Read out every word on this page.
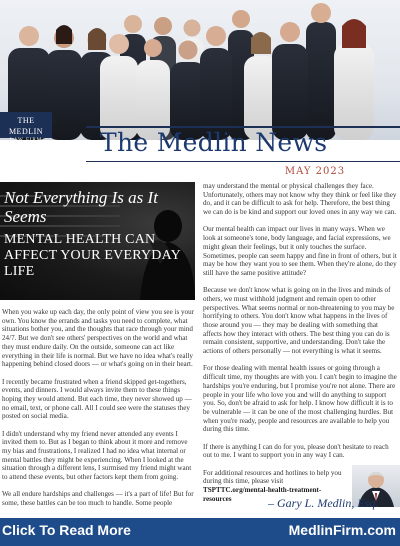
THE MEDLIN
LAW FIRM	The Medlin News
MAY 2023
Not Everything Is as It Seems
MENTAL HEALTH CAN AFFECT YOUR EVERYDAY LIFE

When you wake up each day, the only point of view you see is your own. You know the errands and tasks you need to complete, what situations bother you, and the thoughts that race through your mind 24/7. But we don't see others' perspectives on the world and what they must endure daily. On the outside, someone can act like everything in their life is normal. But we have no idea what's really happening behind closed doors — or what's going on in their heart.

I recently became frustrated when a friend skipped get-togethers, events, and dinners. I would always invite them to these things hoping they would attend. But each time, they never showed up — no email, text, or phone call. All I could see were the statuses they posted on social media.

I didn't understand why my friend never attended any events I invited them to. But as I began to think about it more and remove my bias and frustrations, I realized I had no idea what internal or mental battles they might be experiencing. When I looked at the situation through a different lens, I surmised my friend might want to attend these events, but other factors kept them from going.

We all endure hardships and challenges — it's a part of life! But for some, these battles can be too much to handle. Some people

may understand the mental or physical challenges they face. Unfortunately, others may not know why they think or feel like they do, and it can be difficult to ask for help. Therefore, the best thing we can do is be kind and support our loved ones in any way we can.

Our mental health can impact our lives in many ways. When we look at someone's tone, body language, and facial expressions, we might glean their feelings, but it only touches the surface. Sometimes, people can seem happy and fine in front of others, but it may be how they want you to see them. When they're alone, do they still have the same positive attitude?

Because we don't know what is going on in the lives and minds of others, we must withhold judgment and remain open to other perspectives. What seems normal or non-threatening to you may be horrifying to others. You don't know what happens in the lives of those around you — they may be dealing with something that affects how they interact with others. The best thing you can do is remain consistent, supportive, and understanding. Don't take the actions of others personally — not everything is what it seems.

For those dealing with mental health issues or going through a difficult time, my thoughts are with you. I can't begin to imagine the hardships you're enduring, but I promise you're not alone. There are people in your life who love you and will do anything to support you. So, don't be afraid to ask for help. I know how difficult it is to be vulnerable — it can be one of the most challenging hurdles. But when you're ready, people and resources are available to help you during this time.

If there is anything I can do for you, please don't hesitate to reach out to me. I want to support you in any way I can.

For additional resources and hotlines to help you during this time, please visit TSPTTC.org/mental-health-treatment-resources	– Gary L. Medlin, Esq.
Click To Read More	MedlinFirm.com
